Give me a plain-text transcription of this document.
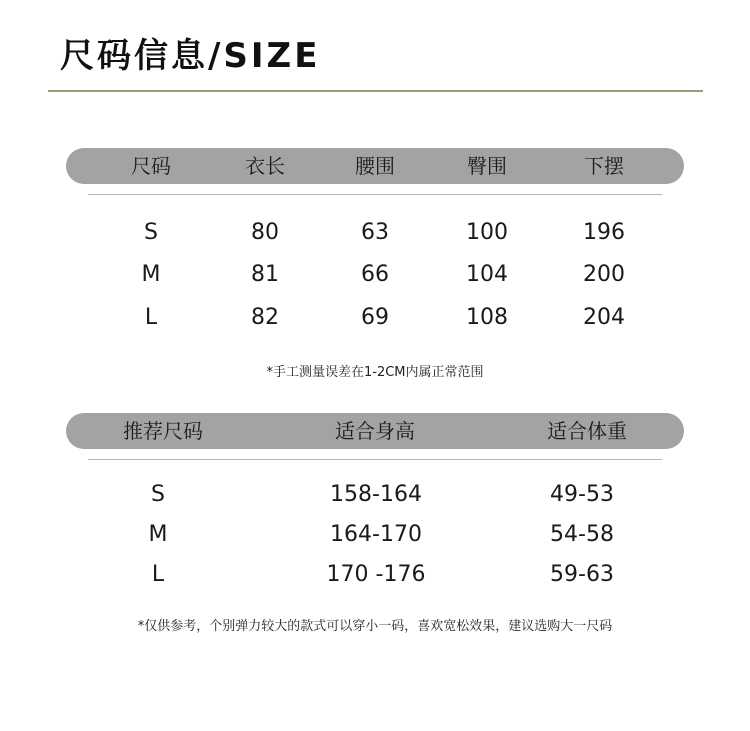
尺码信息/SIZE
尺码	衣长	腰围	臀围	下摆
S	80	63	100	196
M	81	66	104	200
L	82	69	108	204
*手工测量误差在1-2CM内属正常范围
推荐尺码	适合身高	适合体重
S	158-164	49-53
M	164-170	54-58
L	170 -176	59-63
*仅供参考，个别弹力较大的款式可以穿小一码，喜欢宽松效果，建议选购大一尺码
